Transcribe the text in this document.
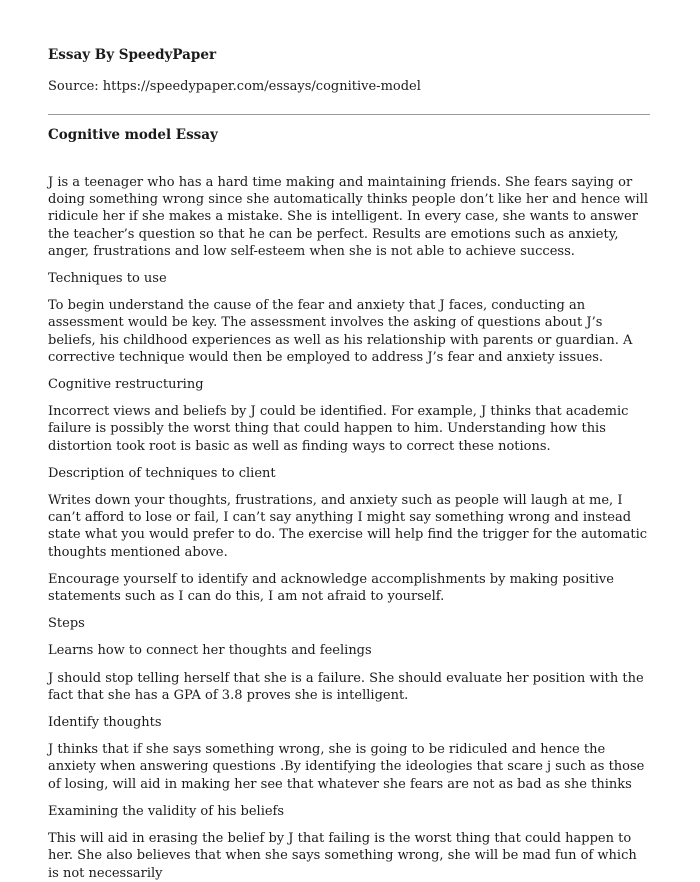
Essay By SpeedyPaper
Source: https://speedypaper.com/essays/cognitive-model
Cognitive model Essay

J is a teenager who has a hard time making and maintaining friends. She fears saying or doing something wrong since she automatically thinks people don’t like her and hence will ridicule her if she makes a mistake. She is intelligent. In every case, she wants to answer the teacher’s question so that he can be perfect. Results are emotions such as anxiety, anger, frustrations and low self-esteem when she is not able to achieve success.

Techniques to use

To begin understand the cause of the fear and anxiety that J faces, conducting an assessment would be key. The assessment involves the asking of questions about J’s beliefs, his childhood experiences as well as his relationship with parents or guardian. A corrective technique would then be employed to address J’s fear and anxiety issues.

Cognitive restructuring

Incorrect views and beliefs by J could be identified. For example, J thinks that academic failure is possibly the worst thing that could happen to him. Understanding how this distortion took root is basic as well as finding ways to correct these notions.

Description of techniques to client

Writes down your thoughts, frustrations, and anxiety such as people will laugh at me, I can’t afford to lose or fail, I can’t say anything I might say something wrong and instead state what you would prefer to do. The exercise will help find the trigger for the automatic thoughts mentioned above.

Encourage yourself to identify and acknowledge accomplishments by making positive statements such as I can do this, I am not afraid to yourself.

Steps

Learns how to connect her thoughts and feelings

J should stop telling herself that she is a failure. She should evaluate her position with the fact that she has a GPA of 3.8 proves she is intelligent.

Identify thoughts

J thinks that if she says something wrong, she is going to be ridiculed and hence the anxiety when answering questions .By identifying the ideologies that scare j such as those of losing, will aid in making her see that whatever she fears are not as bad as she thinks

Examining the validity of his beliefs

This will aid in erasing the belief by J that failing is the worst thing that could happen to her. She also believes that when she says something wrong, she will be mad fun of which is not necessarily
